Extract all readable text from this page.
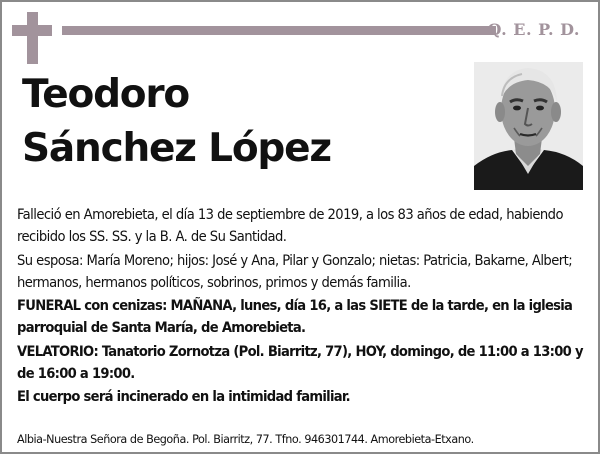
Q. E. P. D.
Teodoro
Sánchez López

Falleció en Amorebieta, el día 13 de septiembre de 2019, a los 83 años de edad, habiendo recibido los SS. SS. y la B. A. de Su Santidad.

Su esposa: María Moreno; hijos: José y Ana, Pilar y Gonzalo; nietas: Patricia, Bakarne, Albert; hermanos, hermanos políticos, sobrinos, primos y demás familia.

FUNERAL con cenizas: MAÑANA, lunes, día 16, a las SIETE de la tarde, en la iglesia parroquial de Santa María, de Amorebieta.

VELATORIO: Tanatorio Zornotza (Pol. Biarritz, 77), HOY, domingo, de 11:00 a 13:00 y de 16:00 a 19:00.

El cuerpo será incinerado en la intimidad familiar.

Albia-Nuestra Señora de Begoña. Pol. Biarritz, 77. Tfno. 946301744. Amorebieta-Etxano.
